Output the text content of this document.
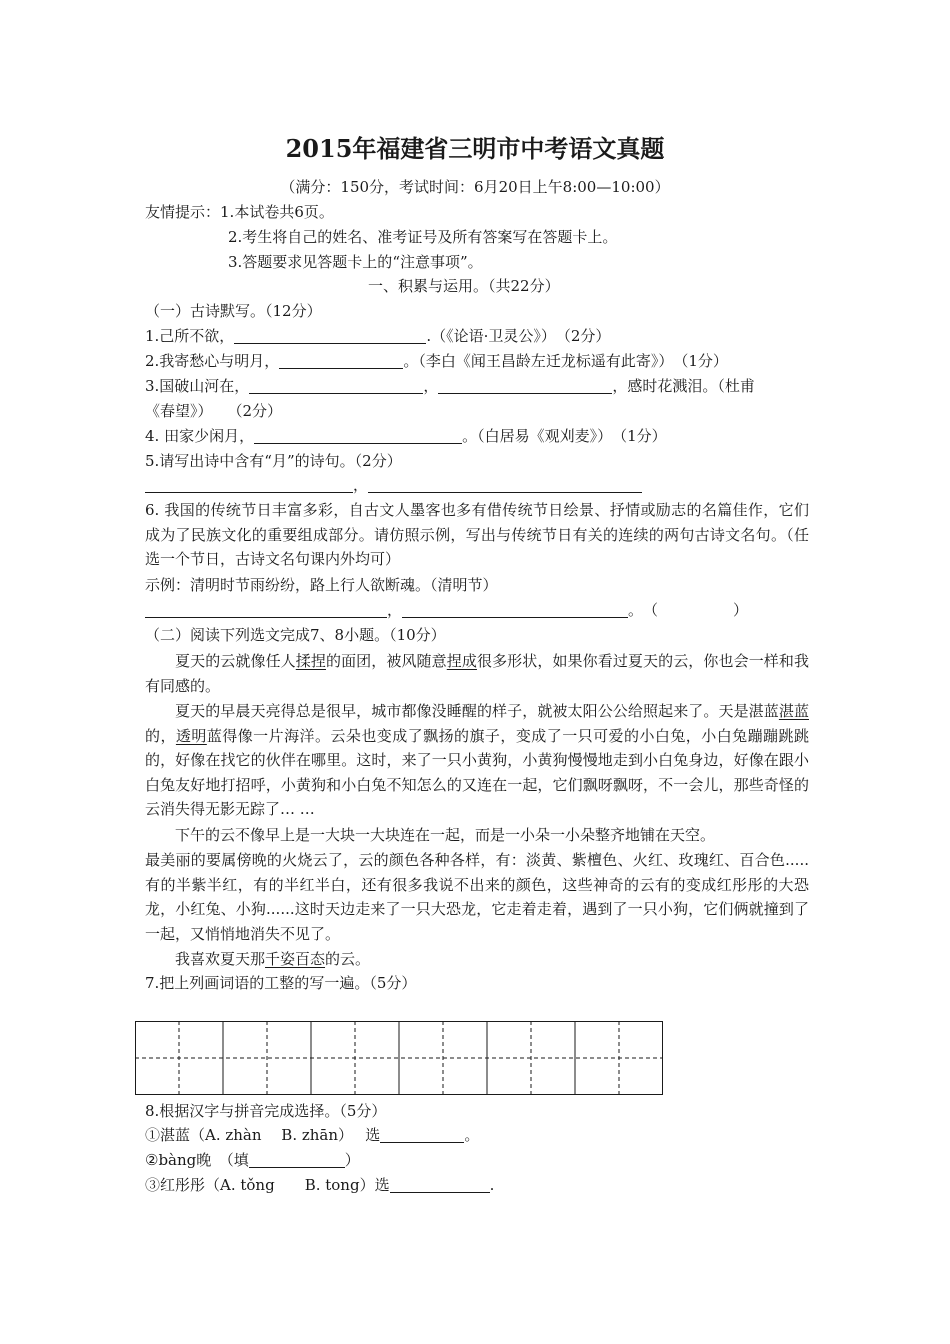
2015年福建省三明市中考语文真题
（满分：150分，考试时间：6月20日上午8:00—10:00）
友情提示：1.本试卷共6页。
2.考生将自己的姓名、准考证号及所有答案写在答题卡上。
3.答题要求见答题卡上的“注意事项”。
一、积累与运用。（共22分）
（一）古诗默写。（12分）
1.己所不欲，	.（《论语·卫灵公》）　（2分）
2.我寄愁心与明月，	。（李白《闻王昌龄左迁龙标遥有此寄》）　（1分）
3.国破山河在，	，	，感时花溅泪。（杜甫
《春望》）　　（2分）
4. 田家少闲月，	。（白居易《观刈麦》）　（1分）
5.请写出诗中含有“月”的诗句。（2分）
，
6. 我国的传统节日丰富多彩，自古文人墨客也多有借传统节日绘景、抒情或励志的名篇佳作，它们成为了民族文化的重要组成部分。请仿照示例，写出与传统节日有关的连续的两句古诗文名句。（任选一个节日，古诗文名句课内外均可）
示例：清明时节雨纷纷，路上行人欲断魂。（清明节）
，	。　（　　　　　）
（二）阅读下列选文完成7、8小题。（10分）
夏天的云就像任人揉捏的面团，被风随意捏成很多形状，如果你看过夏天的云，你也会一样和我有同感的。
夏天的早晨天亮得总是很早，城市都像没睡醒的样子，就被太阳公公给照起来了。天是湛蓝湛蓝的，透明蓝得像一片海洋。云朵也变成了飘扬的旗子，变成了一只可爱的小白兔，小白兔蹦蹦跳跳的，好像在找它的伙伴在哪里。这时，来了一只小黄狗，小黄狗慢慢地走到小白兔身边，好像在跟小白兔友好地打招呼，小黄狗和小白兔不知怎么的又连在一起，它们飘呀飘呀，不一会儿，那些奇怪的云消失得无影无踪了… …
下午的云不像早上是一大块一大块连在一起，而是一小朵一小朵整齐地铺在天空。
最美丽的要属傍晚的火烧云了，云的颜色各种各样，有：淡黄、紫檀色、火红、玫瑰红、百合色.....有的半紫半红，有的半红半白，还有很多我说不出来的颜色，这些神奇的云有的变成红彤彤的大恐龙，小红兔、小狗......这时天边走来了一只大恐龙，它走着走着，遇到了一只小狗，它们俩就撞到了一起，又悄悄地消失不见了。
我喜欢夏天那千姿百态的云。
7.把上列画词语的工整的写一遍。（5分）
8.根据汉字与拼音完成选择。（5分）
①湛蓝（A. zhàn　 B. zhān）　 选	。
②bàng晚　（填	）
③红彤彤（A. tǒng　　B. tong）选	.
